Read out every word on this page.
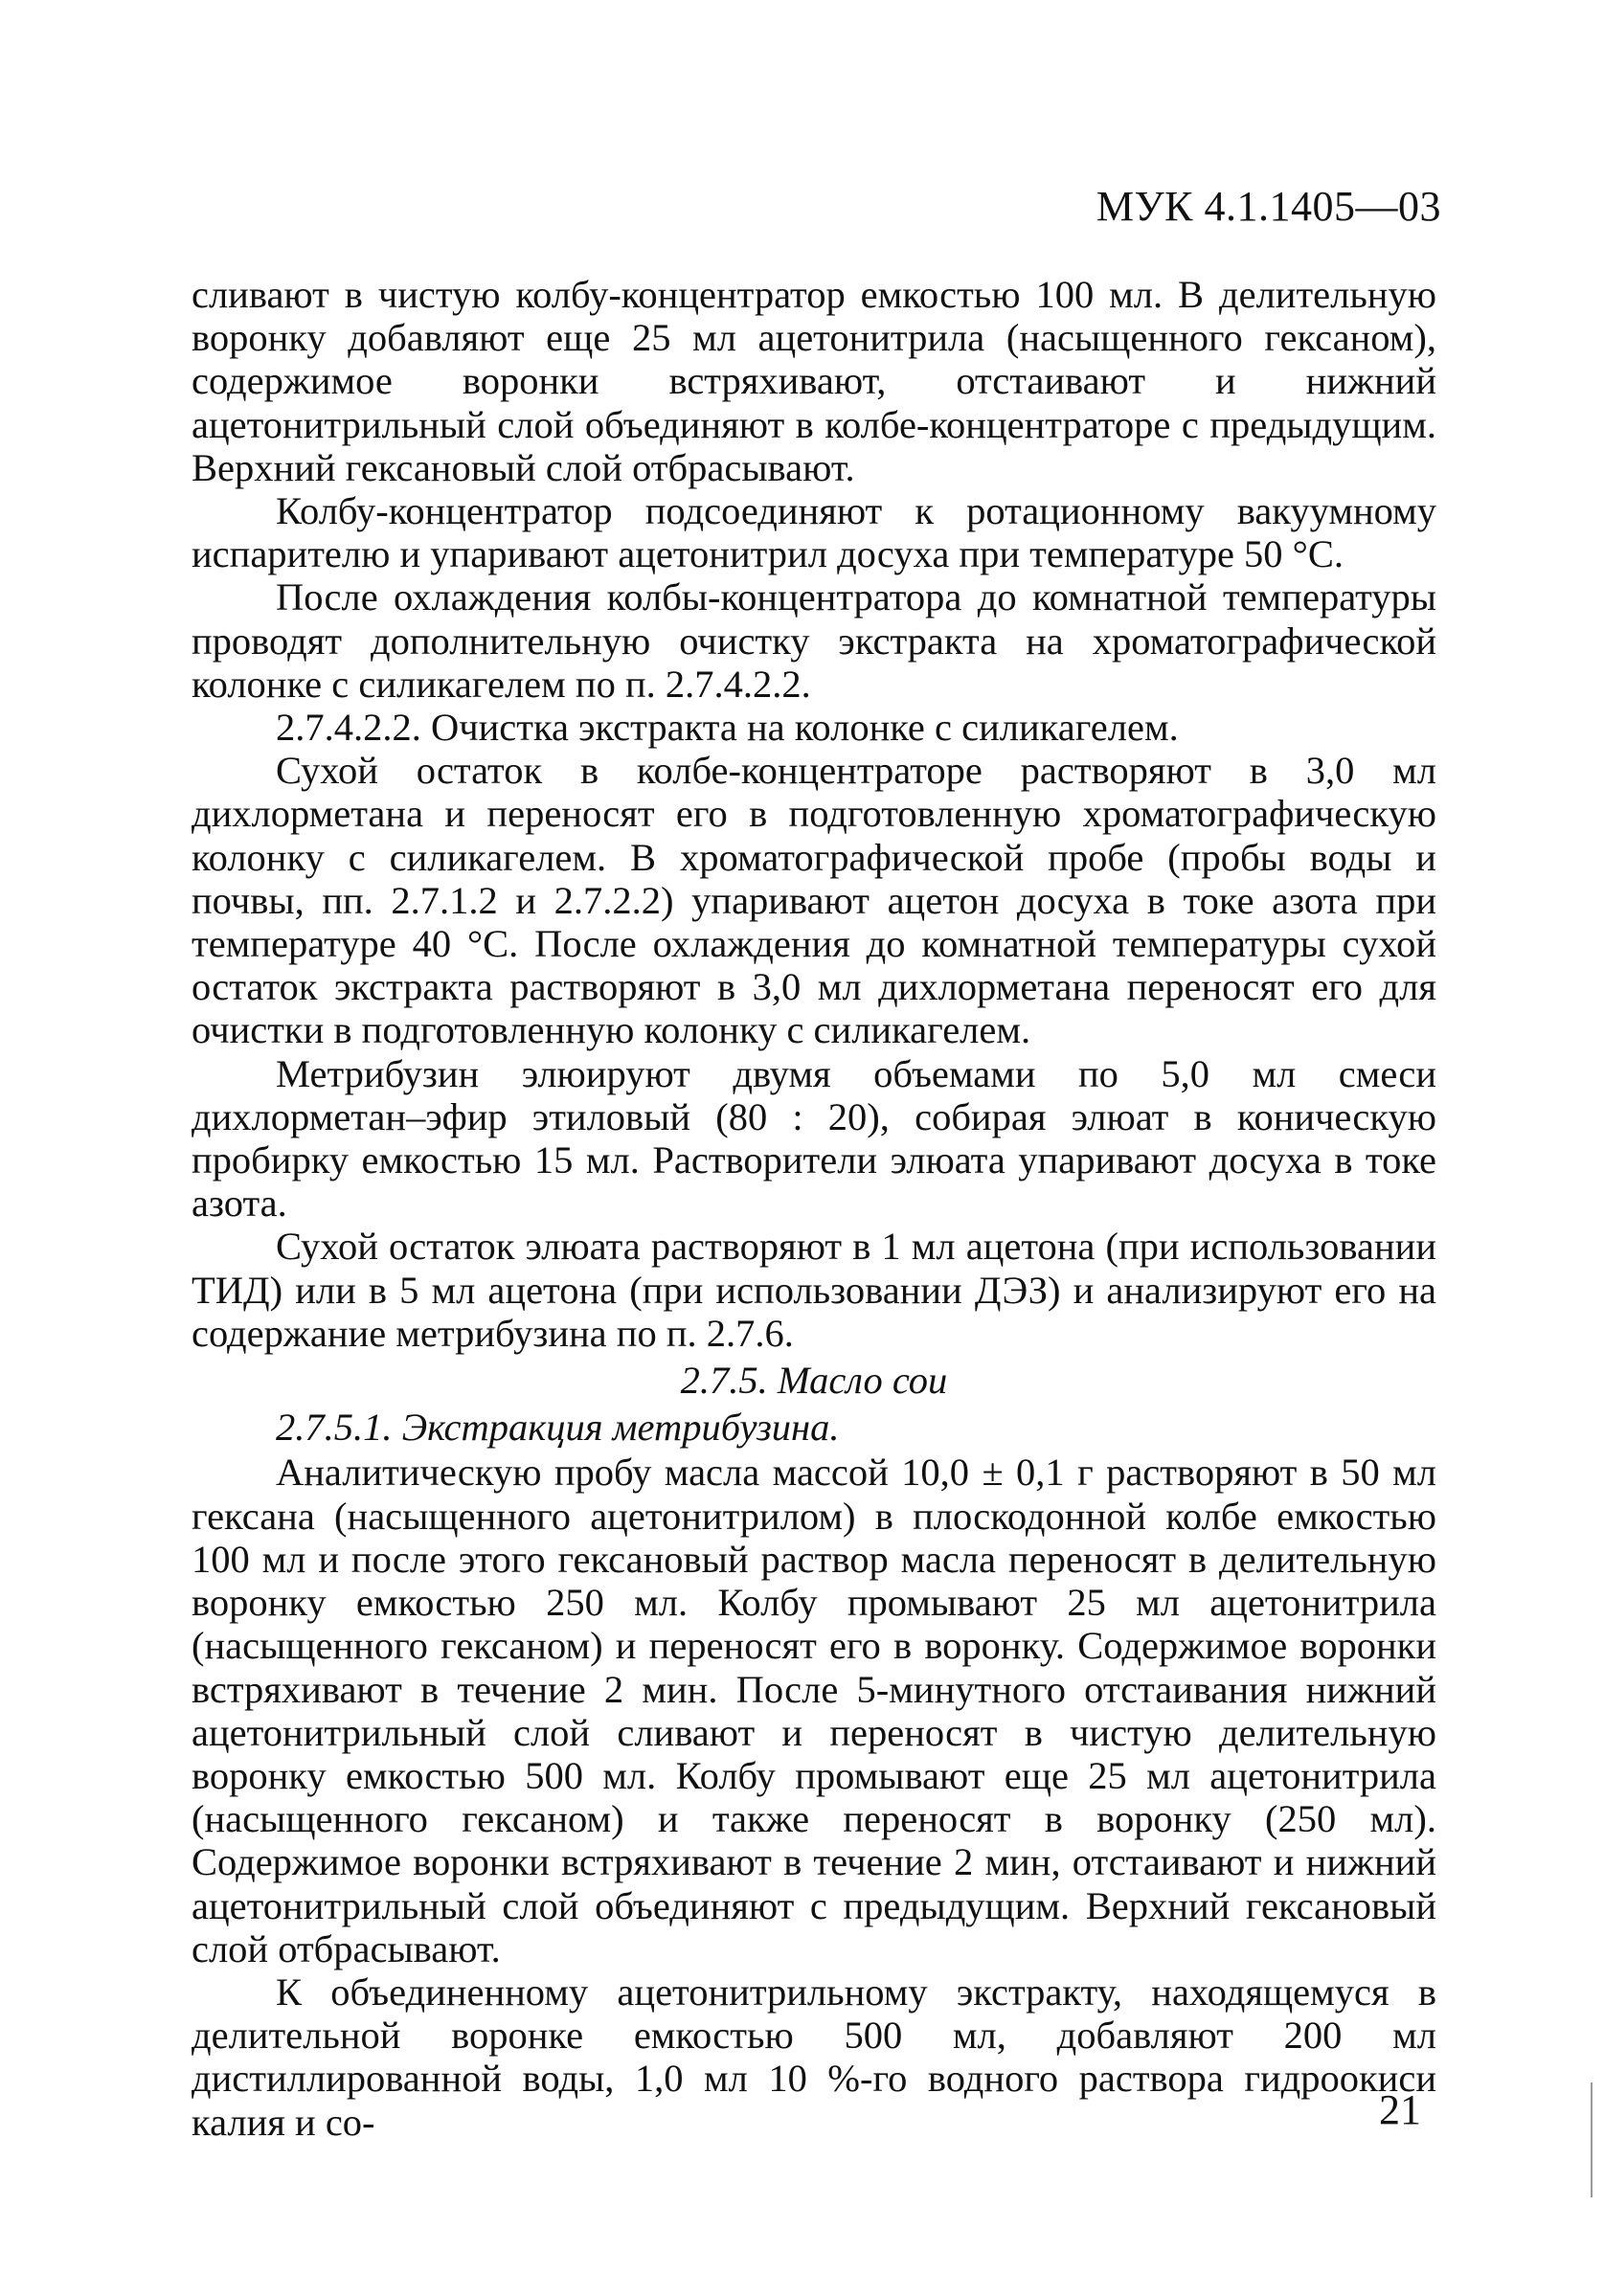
МУК 4.1.1405—03

сливают в чистую колбу-концентратор емкостью 100 мл. В делительную воронку добавляют еще 25 мл ацетонитрила (насыщенного гексаном), содержимое воронки встряхивают, отстаивают и нижний ацетонитрильный слой объединяют в колбе-концентраторе с предыдущим. Верхний гексановый слой отбрасывают.

Колбу-концентратор подсоединяют к ротационному вакуумному испарителю и упаривают ацетонитрил досуха при температуре 50 °С.

После охлаждения колбы-концентратора до комнатной температуры проводят дополнительную очистку экстракта на хроматографической колонке с силикагелем по п. 2.7.4.2.2.

2.7.4.2.2. Очистка экстракта на колонке с силикагелем.

Сухой остаток в колбе-концентраторе растворяют в 3,0 мл дихлорметана и переносят его в подготовленную хроматографическую колонку с силикагелем. В хроматографической пробе (пробы воды и почвы, пп. 2.7.1.2 и 2.7.2.2) упаривают ацетон досуха в токе азота при температуре 40 °С. После охлаждения до комнатной температуры сухой остаток экстракта растворяют в 3,0 мл дихлорметана переносят его для очистки в подготовленную колонку с силикагелем.

Метрибузин элюируют двумя объемами по 5,0 мл смеси дихлорметан–эфир этиловый (80 : 20), собирая элюат в коническую пробирку емкостью 15 мл. Растворители элюата упаривают досуха в токе азота.

Сухой остаток элюата растворяют в 1 мл ацетона (при использовании ТИД) или в 5 мл ацетона (при использовании ДЭЗ) и анализируют его на содержание метрибузина по п. 2.7.6.

2.7.5. Масло сои

2.7.5.1. Экстракция метрибузина.

Аналитическую пробу масла массой 10,0 ± 0,1 г растворяют в 50 мл гексана (насыщенного ацетонитрилом) в плоскодонной колбе емкостью 100 мл и после этого гексановый раствор масла переносят в делительную воронку емкостью 250 мл. Колбу промывают 25 мл ацетонитрила (насыщенного гексаном) и переносят его в воронку. Содержимое воронки встряхивают в течение 2 мин. После 5-минутного отстаивания нижний ацетонитрильный слой сливают и переносят в чистую делительную воронку емкостью 500 мл. Колбу промывают еще 25 мл ацетонитрила (насыщенного гексаном) и также переносят в воронку (250 мл). Содержимое воронки встряхивают в течение 2 мин, отстаивают и нижний ацетонитрильный слой объединяют с предыдущим. Верхний гексановый слой отбрасывают.

К объединенному ацетонитрильному экстракту, находящемуся в делительной воронке емкостью 500 мл, добавляют 200 мл дистиллированной воды, 1,0 мл 10 %-го водного раствора гидроокиси калия и со-	21
